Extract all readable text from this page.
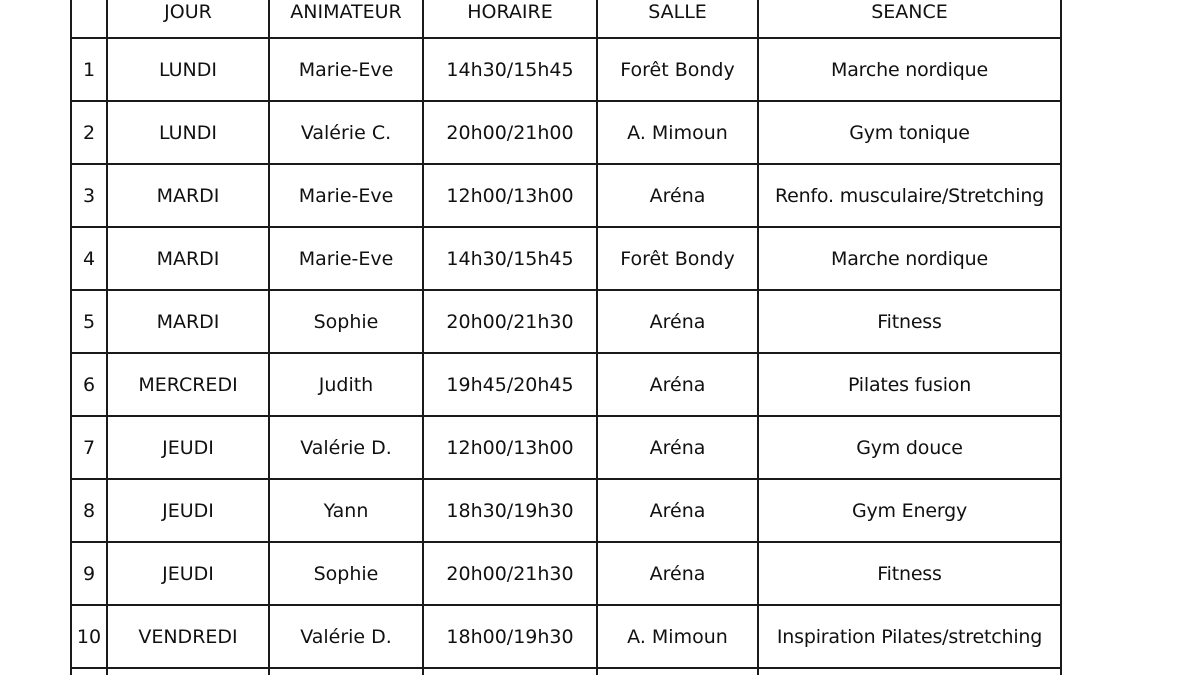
	JOUR	ANIMATEUR	HORAIRE	SALLE	SEANCE
1	LUNDI	Marie-Eve	14h30/15h45	Forêt Bondy	Marche nordique
2	LUNDI	Valérie C.	20h00/21h00	A. Mimoun	Gym tonique
3	MARDI	Marie-Eve	12h00/13h00	Aréna	Renfo. musculaire/Stretching
4	MARDI	Marie-Eve	14h30/15h45	Forêt Bondy	Marche nordique
5	MARDI	Sophie	20h00/21h30	Aréna	Fitness
6	MERCREDI	Judith	19h45/20h45	Aréna	Pilates fusion
7	JEUDI	Valérie D.	12h00/13h00	Aréna	Gym douce
8	JEUDI	Yann	18h30/19h30	Aréna	Gym Energy
9	JEUDI	Sophie	20h00/21h30	Aréna	Fitness
10	VENDREDI	Valérie D.	18h00/19h30	A. Mimoun	Inspiration Pilates/stretching
